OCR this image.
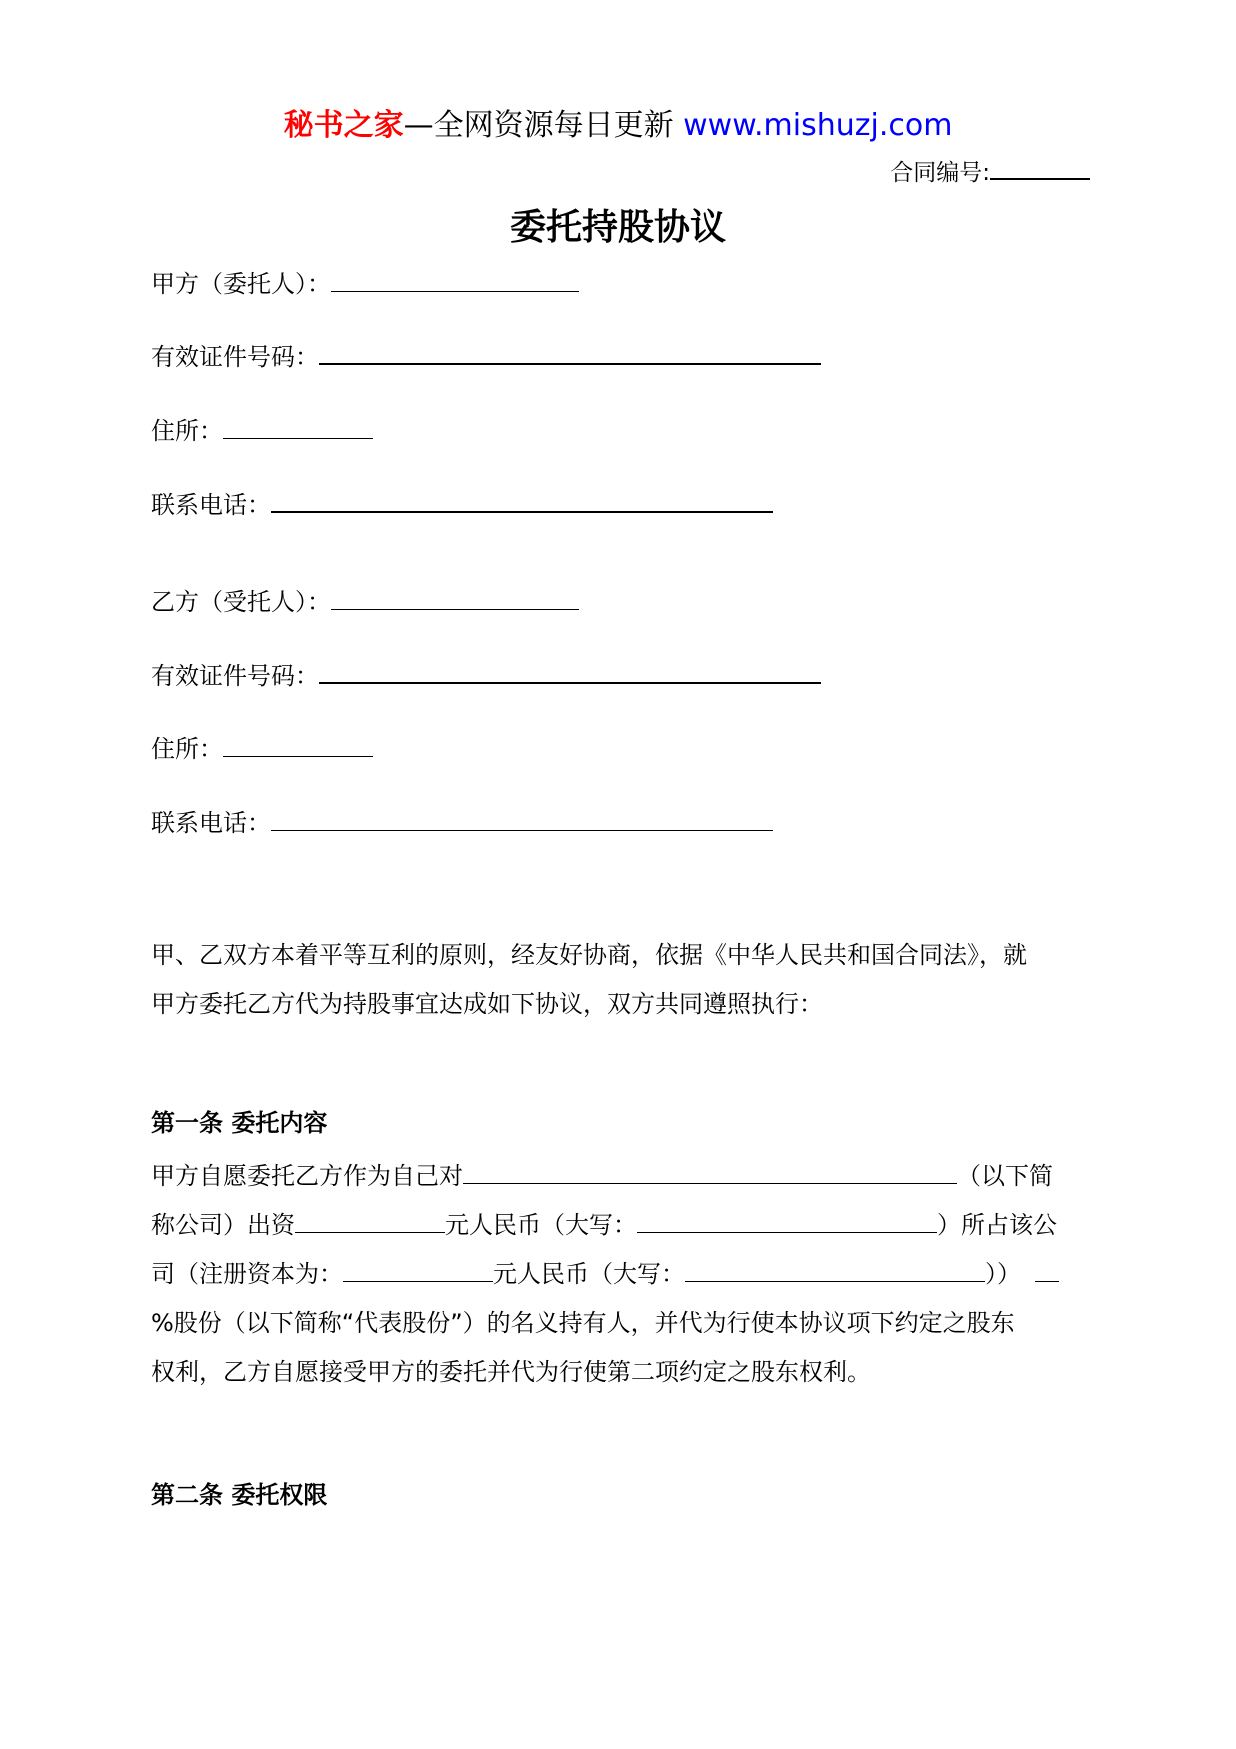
秘书之家—全网资源每日更新 www.mishuzj.com
合同编号:
委托持股协议
甲方（委托人）：
有效证件号码：
住所：
联系电话：
乙方（受托人）：
有效证件号码：
住所：
联系电话：
甲、乙双方本着平等互利的原则，经友好协商，依据《中华人民共和国合同法》，就
甲方委托乙方代为持股事宜达成如下协议，双方共同遵照执行：
第一条 委托内容
甲方自愿委托乙方作为自己对	（以下简
称公司）出资	元人民币（大写：	）所占该公
司（注册资本为：	元人民币（大写：	））
%股份（以下简称“代表股份”）的名义持有人，并代为行使本协议项下约定之股东
权利，乙方自愿接受甲方的委托并代为行使第二项约定之股东权利。
第二条 委托权限
